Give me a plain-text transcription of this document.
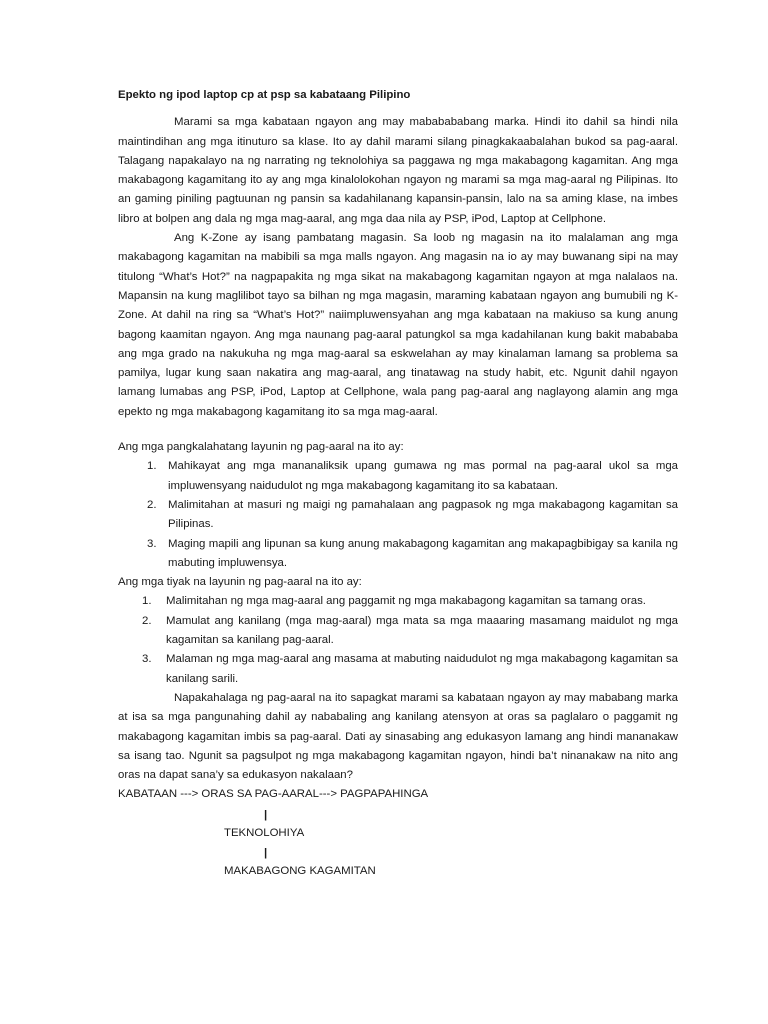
Epekto ng ipod laptop cp at psp sa kabataang Pilipino

Marami sa mga kabataan ngayon ang may mababababang marka. Hindi ito dahil sa hindi nila maintindihan ang mga itinuturo sa klase. Ito ay dahil marami silang pinagkakaabalahan bukod sa pag-aaral. Talagang napakalayo na ng narrating ng teknolohiya sa paggawa ng mga makabagong kagamitan. Ang mga makabagong kagamitang ito ay ang mga kinalolokohan ngayon ng marami sa mga mag-aaral ng Pilipinas. Ito an gaming piniling pagtuunan ng pansin sa kadahilanang kapansin-pansin, lalo na sa aming klase, na imbes libro at bolpen ang dala ng mga mag-aaral, ang mga daa nila ay PSP, iPod, Laptop at Cellphone.

Ang K-Zone ay isang pambatang magasin. Sa loob ng magasin na ito malalaman ang mga makabagong kagamitan na mabibili sa mga malls ngayon. Ang magasin na io ay may buwanang sipi na may titulong “What’s Hot?” na nagpapakita ng mga sikat na makabagong kagamitan ngayon at mga nalalaos na. Mapansin na kung maglilibot tayo sa bilhan ng mga magasin, maraming kabataan ngayon ang bumubili ng K-Zone. At dahil na ring sa “What’s Hot?” naiimpluwensyahan ang mga kabataan na makiuso sa kung anung bagong kaamitan ngayon. Ang mga naunang pag-aaral patungkol sa mga kadahilanan kung bakit mabababa ang mga grado na nakukuha ng mga mag-aaral sa eskwelahan ay may kinalaman lamang sa problema sa pamilya, lugar kung saan nakatira ang mag-aaral, ang tinatawag na study habit, etc. Ngunit dahil ngayon lamang lumabas ang PSP, iPod, Laptop at Cellphone, wala pang pag-aaral ang naglayong alamin ang mga epekto ng mga makabagong kagamitang ito sa mga mag-aaral.

Ang mga pangkalahatang layunin ng pag-aaral na ito ay:

1. Mahikayat ang mga mananaliksik upang gumawa ng mas pormal na pag-aaral ukol sa mga impluwensyang naidudulot ng mga makabagong kagamitang ito sa kabataan.
2. Malimitahan at masuri ng maigi ng pamahalaan ang pagpasok ng mga makabagong kagamitan sa Pilipinas.
3. Maging mapili ang lipunan sa kung anung makabagong kagamitan ang makapagbibigay sa kanila ng mabuting impluwensya.

Ang mga tiyak na layunin ng pag-aaral na ito ay:

1. Malimitahan ng mga mag-aaral ang paggamit ng mga makabagong kagamitan sa tamang oras.
2. Mamulat ang kanilang (mga mag-aaral) mga mata sa mga maaaring masamang maidulot ng mga kagamitan sa kanilang pag-aaral.
3. Malaman ng mga mag-aaral ang masama at mabuting naidudulot ng mga makabagong kagamitan sa kanilang sarili.

Napakahalaga ng pag-aaral na ito sapagkat marami sa kabataan ngayon ay may mababang marka at isa sa mga pangunahing dahil ay nababaling ang kanilang atensyon at oras sa paglalaro o paggamit ng makabagong kagamitan imbis sa pag-aaral. Dati ay sinasabing ang edukasyon lamang ang hindi mananakaw sa isang tao. Ngunit sa pagsulpot ng mga makabagong kagamitan ngayon, hindi ba’t ninanakaw na nito ang oras na dapat sana’y sa edukasyon nakalaan?

KABATAAN ---> ORAS SA PAG-AARAL---> PAGPAPAHINGA

|
TEKNOLOHIYA
|
MAKABAGONG KAGAMITAN
